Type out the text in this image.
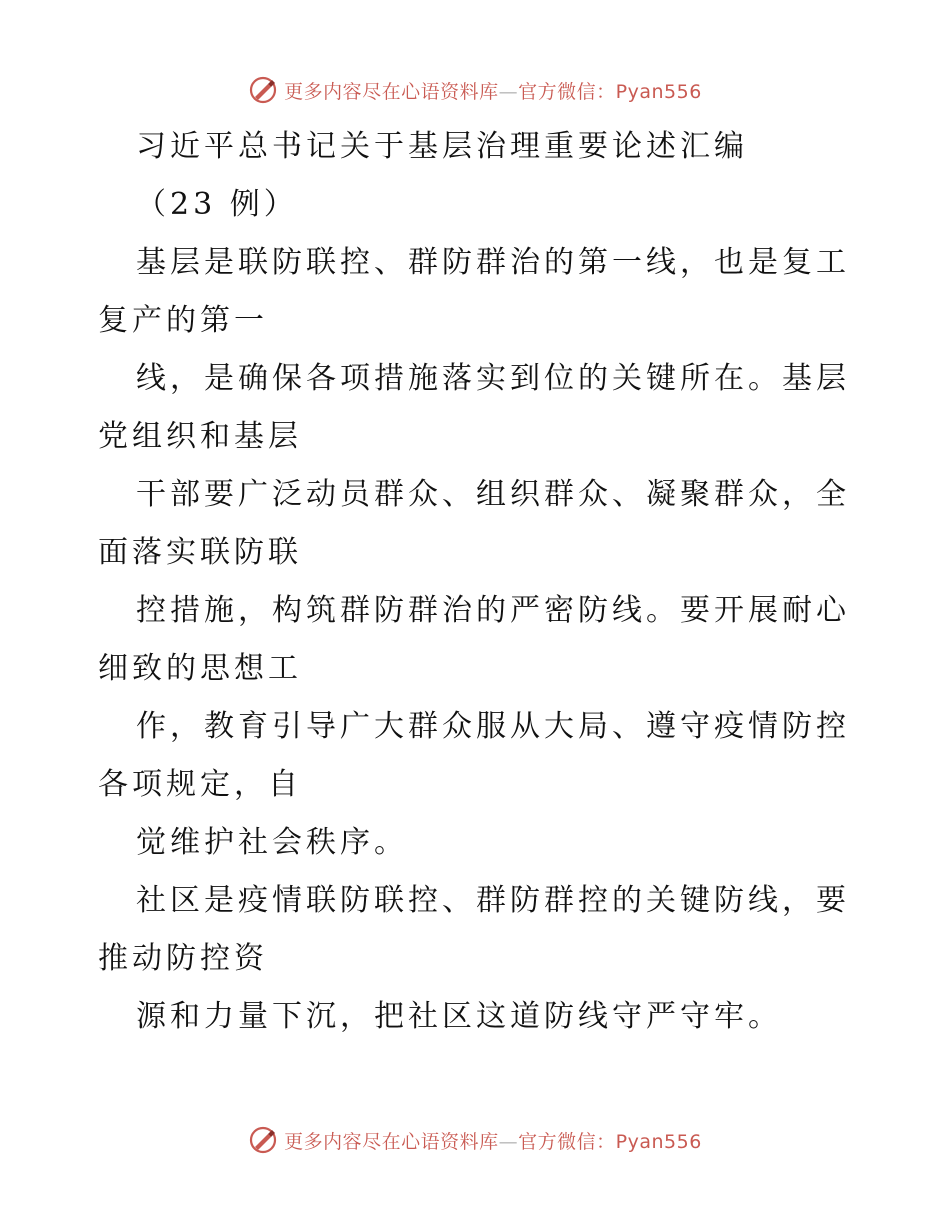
更多内容尽在心语资料库—官方微信：Pyan556
习近平总书记关于基层治理重要论述汇编
（23 例）
基层是联防联控、群防群治的第一线，也是复工
复产的第一
线，是确保各项措施落实到位的关键所在。基层
党组织和基层
干部要广泛动员群众、组织群众、凝聚群众，全
面落实联防联
控措施，构筑群防群治的严密防线。要开展耐心
细致的思想工
作，教育引导广大群众服从大局、遵守疫情防控
各项规定，自
觉维护社会秩序。
社区是疫情联防联控、群防群控的关键防线，要
推动防控资
源和力量下沉，把社区这道防线守严守牢。
更多内容尽在心语资料库—官方微信：Pyan556
